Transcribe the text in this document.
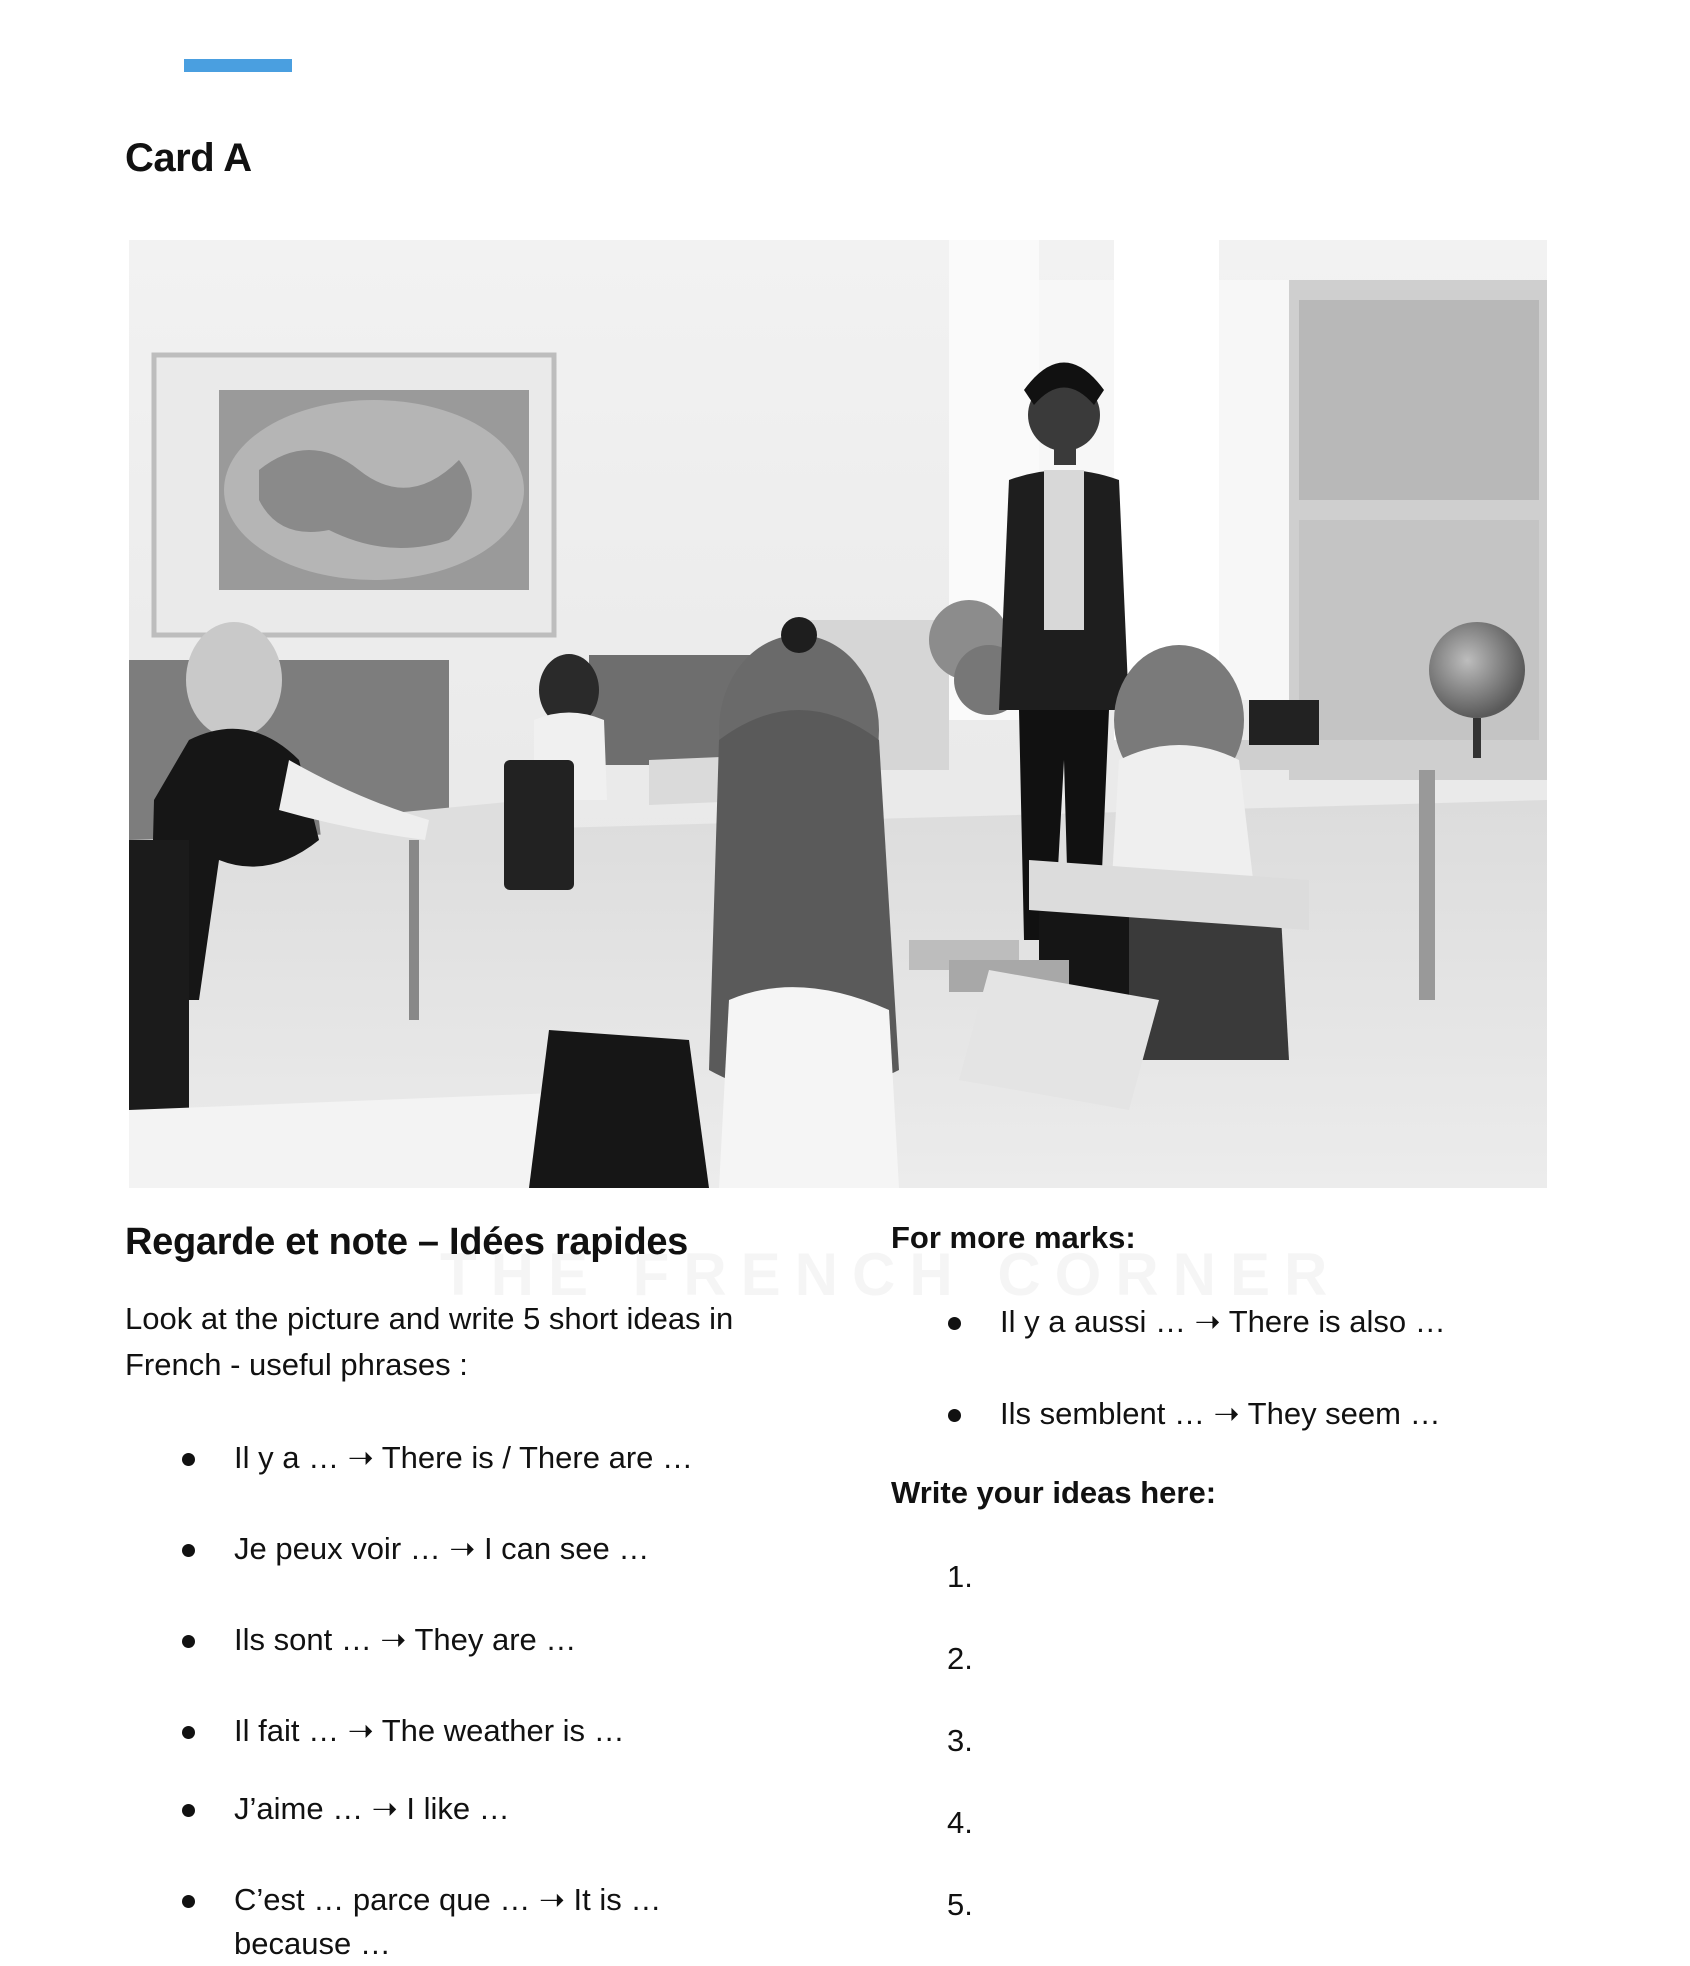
Card A
Regarde et note – Idées rapides

Look at the picture and write 5 short ideas in French - useful phrases :

Il y a … ➝ There is / There are …
Je peux voir … ➝ I can see …
Ils sont … ➝ They are …
Il fait … ➝ The weather is …
J’aime … ➝ I like …
C’est … parce que … ➝ It is … because …
For more marks:
Il y a aussi … ➝ There is also …
Ils semblent … ➝ They seem …
Write your ideas here:
1.
2.
3.
4.
5.
